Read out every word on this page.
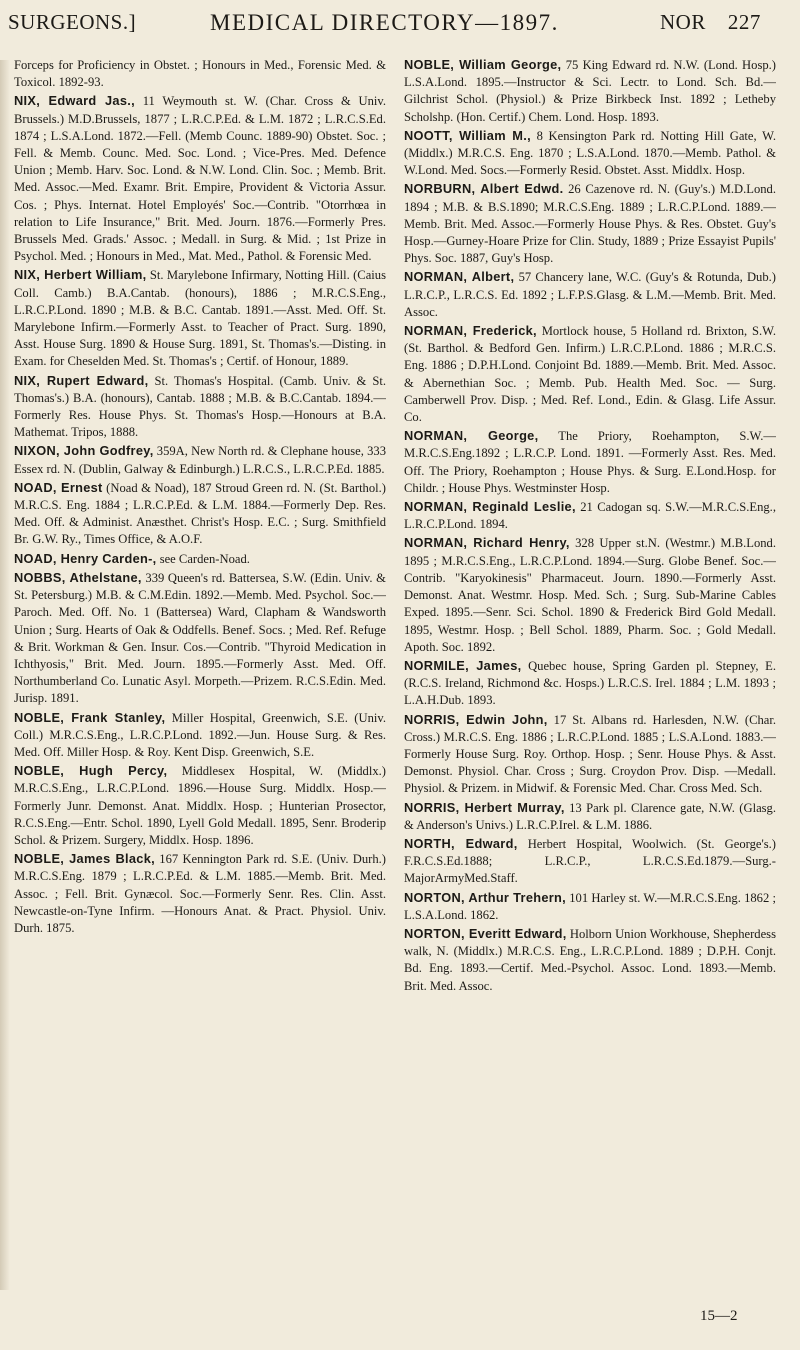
SURGEONS.]	MEDICAL DIRECTORY—1897.	NOR 227

Forceps for Proficiency in Obstet. ; Honours in Med., Forensic Med. & Toxicol. 1892-93.

NIX, Edward Jas., 11 Weymouth st. W. (Char. Cross & Univ. Brussels.) M.D.Brussels, 1877 ; L.R.C.P.Ed. & L.M. 1872 ; L.R.C.S.Ed. 1874 ; L.S.A.Lond. 1872.—Fell. (Memb Counc. 1889-90) Obstet. Soc. ; Fell. & Memb. Counc. Med. Soc. Lond. ; Vice-Pres. Med. Defence Union ; Memb. Harv. Soc. Lond. & N.W. Lond. Clin. Soc. ; Memb. Brit. Med. Assoc.—Med. Examr. Brit. Empire, Provident & Victoria Assur. Cos. ; Phys. Internat. Hotel Employés' Soc.—Contrib. "Otorrhœa in relation to Life Insurance," Brit. Med. Journ. 1876.—Formerly Pres. Brussels Med. Grads.' Assoc. ; Medall. in Surg. & Mid. ; 1st Prize in Psychol. Med. ; Honours in Med., Mat. Med., Pathol. & Forensic Med.

NIX, Herbert William, St. Marylebone Infirmary, Notting Hill. (Caius Coll. Camb.) B.A.Cantab. (honours), 1886 ; M.R.C.S.Eng., L.R.C.P.Lond. 1890 ; M.B. & B.C. Cantab. 1891.—Asst. Med. Off. St. Marylebone Infirm.—Formerly Asst. to Teacher of Pract. Surg. 1890, Asst. House Surg. 1890 & House Surg. 1891, St. Thomas's.—Disting. in Exam. for Cheselden Med. St. Thomas's ; Certif. of Honour, 1889.

NIX, Rupert Edward, St. Thomas's Hospital. (Camb. Univ. & St. Thomas's.) B.A. (honours), Cantab. 1888 ; M.B. & B.C.Cantab. 1894.—Formerly Res. House Phys. St. Thomas's Hosp.—Honours at B.A. Mathemat. Tripos, 1888.

NIXON, John Godfrey, 359A, New North rd. & Clephane house, 333 Essex rd. N. (Dublin, Galway & Edinburgh.) L.R.C.S., L.R.C.P.Ed. 1885.

NOAD, Ernest (Noad & Noad), 187 Stroud Green rd. N. (St. Barthol.) M.R.C.S. Eng. 1884 ; L.R.C.P.Ed. & L.M. 1884.—Formerly Dep. Res. Med. Off. & Administ. Anæsthet. Christ's Hosp. E.C. ; Surg. Smithfield Br. G.W. Ry., Times Office, & A.O.F.

NOAD, Henry Carden-, see Carden-Noad.

NOBBS, Athelstane, 339 Queen's rd. Battersea, S.W. (Edin. Univ. & St. Petersburg.) M.B. & C.M.Edin. 1892.—Memb. Med. Psychol. Soc.—Paroch. Med. Off. No. 1 (Battersea) Ward, Clapham & Wandsworth Union ; Surg. Hearts of Oak & Oddfells. Benef. Socs. ; Med. Ref. Refuge & Brit. Workman & Gen. Insur. Cos.—Contrib. "Thyroid Medication in Ichthyosis," Brit. Med. Journ. 1895.—Formerly Asst. Med. Off. Northumberland Co. Lunatic Asyl. Morpeth.—Prizem. R.C.S.Edin. Med. Jurisp. 1891.

NOBLE, Frank Stanley, Miller Hospital, Greenwich, S.E. (Univ. Coll.) M.R.C.S.Eng., L.R.C.P.Lond. 1892.—Jun. House Surg. & Res. Med. Off. Miller Hosp. & Roy. Kent Disp. Greenwich, S.E.

NOBLE, Hugh Percy, Middlesex Hospital, W. (Middlx.) M.R.C.S.Eng., L.R.C.P.Lond. 1896.—House Surg. Middlx. Hosp.—Formerly Junr. Demonst. Anat. Middlx. Hosp. ; Hunterian Prosector, R.C.S.Eng.—Entr. Schol. 1890, Lyell Gold Medall. 1895, Senr. Broderip Schol. & Prizem. Surgery, Middlx. Hosp. 1896.

NOBLE, James Black, 167 Kennington Park rd. S.E. (Univ. Durh.) M.R.C.S.Eng. 1879 ; L.R.C.P.Ed. & L.M. 1885.—Memb. Brit. Med. Assoc. ; Fell. Brit. Gynæcol. Soc.—Formerly Senr. Res. Clin. Asst. Newcastle-on-Tyne Infirm. —Honours Anat. & Pract. Physiol. Univ. Durh. 1875.

NOBLE, William George, 75 King Edward rd. N.W. (Lond. Hosp.) L.S.A.Lond. 1895.—Instructor & Sci. Lectr. to Lond. Sch. Bd.—Gilchrist Schol. (Physiol.) & Prize Birkbeck Inst. 1892 ; Letheby Scholshp. (Hon. Certif.) Chem. Lond. Hosp. 1893.

NOOTT, William M., 8 Kensington Park rd. Notting Hill Gate, W. (Middlx.) M.R.C.S. Eng. 1870 ; L.S.A.Lond. 1870.—Memb. Pathol. & W.Lond. Med. Socs.—Formerly Resid. Obstet. Asst. Middlx. Hosp.

NORBURN, Albert Edwd. 26 Cazenove rd. N. (Guy's.) M.D.Lond. 1894 ; M.B. & B.S.1890; M.R.C.S.Eng. 1889 ; L.R.C.P.Lond. 1889.—Memb. Brit. Med. Assoc.—Formerly House Phys. & Res. Obstet. Guy's Hosp.—Gurney-Hoare Prize for Clin. Study, 1889 ; Prize Essayist Pupils' Phys. Soc. 1887, Guy's Hosp.

NORMAN, Albert, 57 Chancery lane, W.C. (Guy's & Rotunda, Dub.) L.R.C.P., L.R.C.S. Ed. 1892 ; L.F.P.S.Glasg. & L.M.—Memb. Brit. Med. Assoc.

NORMAN, Frederick, Mortlock house, 5 Holland rd. Brixton, S.W. (St. Barthol. & Bedford Gen. Infirm.) L.R.C.P.Lond. 1886 ; M.R.C.S. Eng. 1886 ; D.P.H.Lond. Conjoint Bd. 1889.—Memb. Brit. Med. Assoc. & Abernethian Soc. ; Memb. Pub. Health Med. Soc. — Surg. Camberwell Prov. Disp. ; Med. Ref. Lond., Edin. & Glasg. Life Assur. Co.

NORMAN, George, The Priory, Roehampton, S.W.—M.R.C.S.Eng.1892 ; L.R.C.P. Lond. 1891. —Formerly Asst. Res. Med. Off. The Priory, Roehampton ; House Phys. & Surg. E.Lond.Hosp. for Childr. ; House Phys. Westminster Hosp.

NORMAN, Reginald Leslie, 21 Cadogan sq. S.W.—M.R.C.S.Eng., L.R.C.P.Lond. 1894.

NORMAN, Richard Henry, 328 Upper st.N. (Westmr.) M.B.Lond. 1895 ; M.R.C.S.Eng., L.R.C.P.Lond. 1894.—Surg. Globe Benef. Soc.—Contrib. "Karyokinesis" Pharmaceut. Journ. 1890.—Formerly Asst. Demonst. Anat. Westmr. Hosp. Med. Sch. ; Surg. Sub-Marine Cables Exped. 1895.—Senr. Sci. Schol. 1890 & Frederick Bird Gold Medall. 1895, Westmr. Hosp. ; Bell Schol. 1889, Pharm. Soc. ; Gold Medall. Apoth. Soc. 1892.

NORMILE, James, Quebec house, Spring Garden pl. Stepney, E. (R.C.S. Ireland, Richmond &c. Hosps.) L.R.C.S. Irel. 1884 ; L.M. 1893 ; L.A.H.Dub. 1893.

NORRIS, Edwin John, 17 St. Albans rd. Harlesden, N.W. (Char. Cross.) M.R.C.S. Eng. 1886 ; L.R.C.P.Lond. 1885 ; L.S.A.Lond. 1883.—Formerly House Surg. Roy. Orthop. Hosp. ; Senr. House Phys. & Asst. Demonst. Physiol. Char. Cross ; Surg. Croydon Prov. Disp. —Medall. Physiol. & Prizem. in Midwif. & Forensic Med. Char. Cross Med. Sch.

NORRIS, Herbert Murray, 13 Park pl. Clarence gate, N.W. (Glasg. & Anderson's Univs.) L.R.C.P.Irel. & L.M. 1886.

NORTH, Edward, Herbert Hospital, Woolwich. (St. George's.) F.R.C.S.Ed.1888; L.R.C.P., L.R.C.S.Ed.1879.—Surg.-MajorArmyMed.Staff.

NORTON, Arthur Trehern, 101 Harley st. W.—M.R.C.S.Eng. 1862 ; L.S.A.Lond. 1862.

NORTON, Everitt Edward, Holborn Union Workhouse, Shepherdess walk, N. (Middlx.) M.R.C.S. Eng., L.R.C.P.Lond. 1889 ; D.P.H. Conjt. Bd. Eng. 1893.—Certif. Med.-Psychol. Assoc. Lond. 1893.—Memb. Brit. Med. Assoc.

15—2
